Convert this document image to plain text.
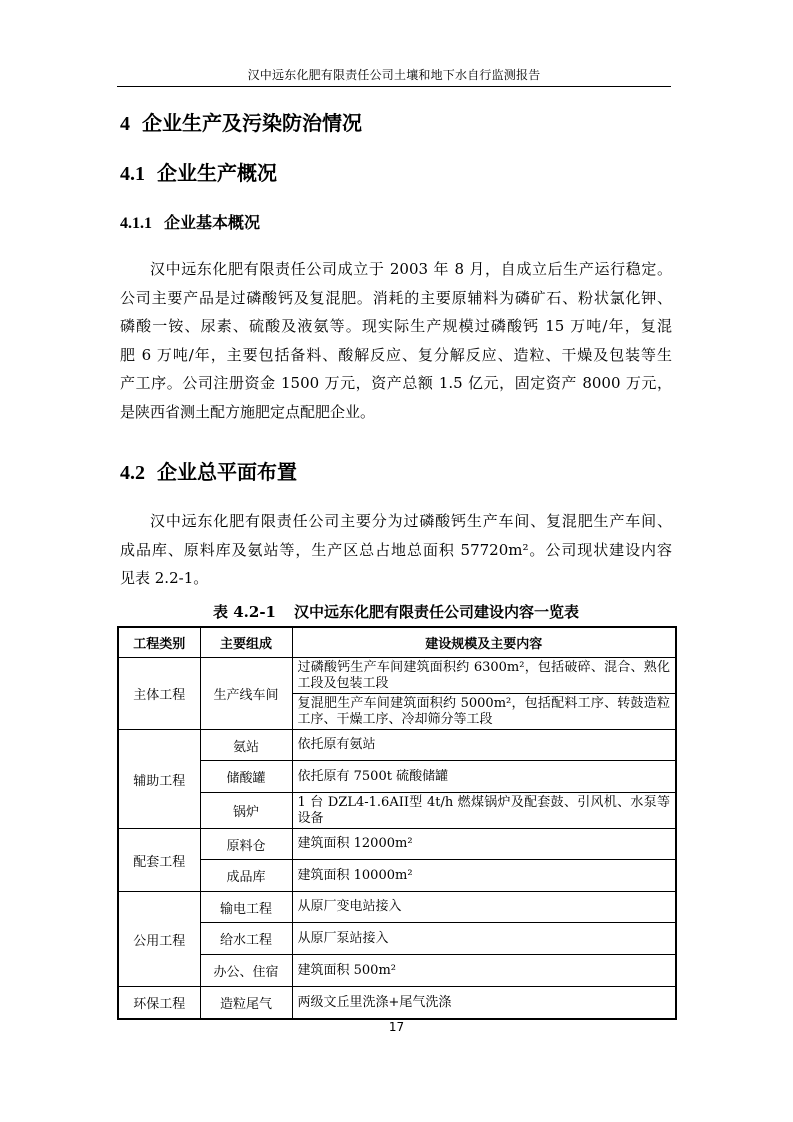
汉中远东化肥有限责任公司土壤和地下水自行监测报告
4 企业生产及污染防治情况
4.1 企业生产概况
4.1.1 企业基本概况
汉中远东化肥有限责任公司成立于 2003 年 8 月，自成立后生产运行稳定。
公司主要产品是过磷酸钙及复混肥。消耗的主要原辅料为磷矿石、粉状氯化钾、
磷酸一铵、尿素、硫酸及液氨等。现实际生产规模过磷酸钙 15 万吨/年，复混
肥 6 万吨/年，主要包括备料、酸解反应、复分解反应、造粒、干燥及包装等生
产工序。公司注册资金 1500 万元，资产总额 1.5 亿元，固定资产 8000 万元，
是陕西省测土配方施肥定点配肥企业。
4.2 企业总平面布置
汉中远东化肥有限责任公司主要分为过磷酸钙生产车间、复混肥生产车间、
成品库、原料库及氨站等，生产区总占地总面积 57720m²。公司现状建设内容
见表 2.2-1。
表 4.2-1 汉中远东化肥有限责任公司建设内容一览表
工程类别	主要组成	建设规模及主要内容
主体工程	生产线车间	过磷酸钙生产车间建筑面积约 6300m²，包括破碎、混合、熟化工段及包装工段
		复混肥生产车间建筑面积约 5000m²，包括配料工序、转鼓造粒工序、干燥工序、冷却筛分等工段
辅助工程	氨站	依托原有氨站
	储酸罐	依托原有 7500t 硫酸储罐
	锅炉	1 台 DZL4-1.6AII型 4t/h 燃煤锅炉及配套鼓、引风机、水泵等设备
配套工程	原料仓	建筑面积 12000m²
	成品库	建筑面积 10000m²
公用工程	输电工程	从原厂变电站接入
	给水工程	从原厂泵站接入
	办公、住宿	建筑面积 500m²
环保工程	造粒尾气	两级文丘里洗涤+尾气洗涤
17
